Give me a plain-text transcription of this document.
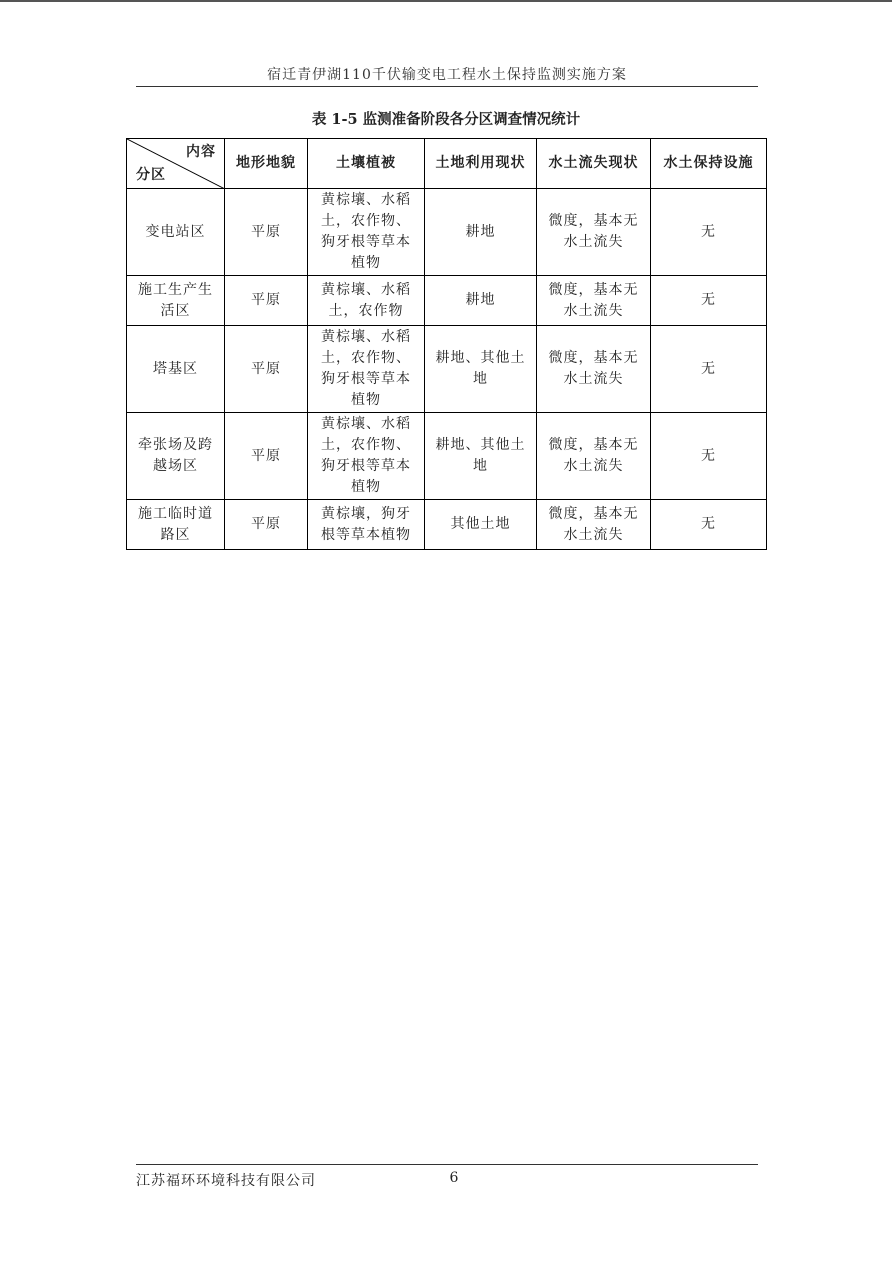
宿迁青伊湖110千伏输变电工程水土保持监测实施方案
表 1-5 监测准备阶段各分区调查情况统计
内容
分区	地形地貌	土壤植被	土地利用现状	水土流失现状	水土保持设施
变电站区	平原	黄棕壤、水稻土，农作物、狗牙根等草本植物	耕地	微度，基本无水土流失	无
施工生产生活区	平原	黄棕壤、水稻土，农作物	耕地	微度，基本无水土流失	无
塔基区	平原	黄棕壤、水稻土，农作物、狗牙根等草本植物	耕地、其他土地	微度，基本无水土流失	无
牵张场及跨越场区	平原	黄棕壤、水稻土，农作物、狗牙根等草本植物	耕地、其他土地	微度，基本无水土流失	无
施工临时道路区	平原	黄棕壤，狗牙根等草本植物	其他土地	微度，基本无水土流失	无
江苏福环环境科技有限公司	6
